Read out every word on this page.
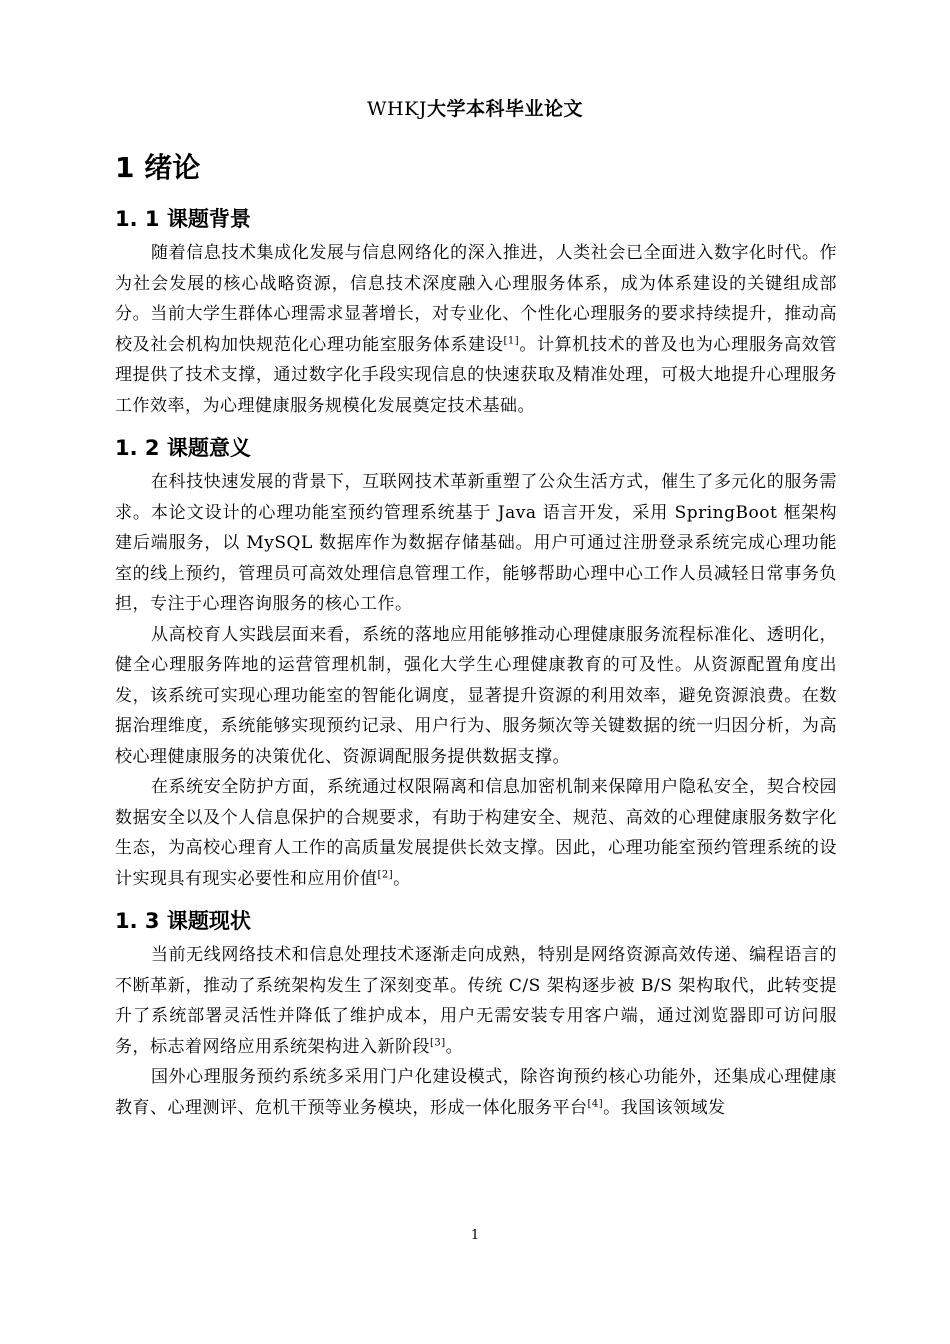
WHKJ大学本科毕业论文
1 绪论
1. 1 课题背景

随着信息技术集成化发展与信息网络化的深入推进，人类社会已全面进入数字化时代。作为社会发展的核心战略资源，信息技术深度融入心理服务体系，成为体系建设的关键组成部分。当前大学生群体心理需求显著增长，对专业化、个性化心理服务的要求持续提升，推动高校及社会机构加快规范化心理功能室服务体系建设[1]。计算机技术的普及也为心理服务高效管理提供了技术支撑，通过数字化手段实现信息的快速获取及精准处理，可极大地提升心理服务工作效率，为心理健康服务规模化发展奠定技术基础。

1. 2 课题意义

在科技快速发展的背景下，互联网技术革新重塑了公众生活方式，催生了多元化的服务需求。本论文设计的心理功能室预约管理系统基于 Java 语言开发，采用 SpringBoot 框架构建后端服务，以 MySQL 数据库作为数据存储基础。用户可通过注册登录系统完成心理功能室的线上预约，管理员可高效处理信息管理工作，能够帮助心理中心工作人员减轻日常事务负担，专注于心理咨询服务的核心工作。

从高校育人实践层面来看，系统的落地应用能够推动心理健康服务流程标准化、透明化，健全心理服务阵地的运营管理机制，强化大学生心理健康教育的可及性。从资源配置角度出发，该系统可实现心理功能室的智能化调度，显著提升资源的利用效率，避免资源浪费。在数据治理维度，系统能够实现预约记录、用户行为、服务频次等关键数据的统一归因分析，为高校心理健康服务的决策优化、资源调配服务提供数据支撑。

在系统安全防护方面，系统通过权限隔离和信息加密机制来保障用户隐私安全，契合校园数据安全以及个人信息保护的合规要求，有助于构建安全、规范、高效的心理健康服务数字化生态，为高校心理育人工作的高质量发展提供长效支撑。因此，心理功能室预约管理系统的设计实现具有现实必要性和应用价值[2]。

1. 3 课题现状

当前无线网络技术和信息处理技术逐渐走向成熟，特别是网络资源高效传递、编程语言的不断革新，推动了系统架构发生了深刻变革。传统 C/S 架构逐步被 B/S 架构取代，此转变提升了系统部署灵活性并降低了维护成本，用户无需安装专用客户端，通过浏览器即可访问服务，标志着网络应用系统架构进入新阶段[3]。

国外心理服务预约系统多采用门户化建设模式，除咨询预约核心功能外，还集成心理健康教育、心理测评、危机干预等业务模块，形成一体化服务平台[4]。我国该领域发

1
